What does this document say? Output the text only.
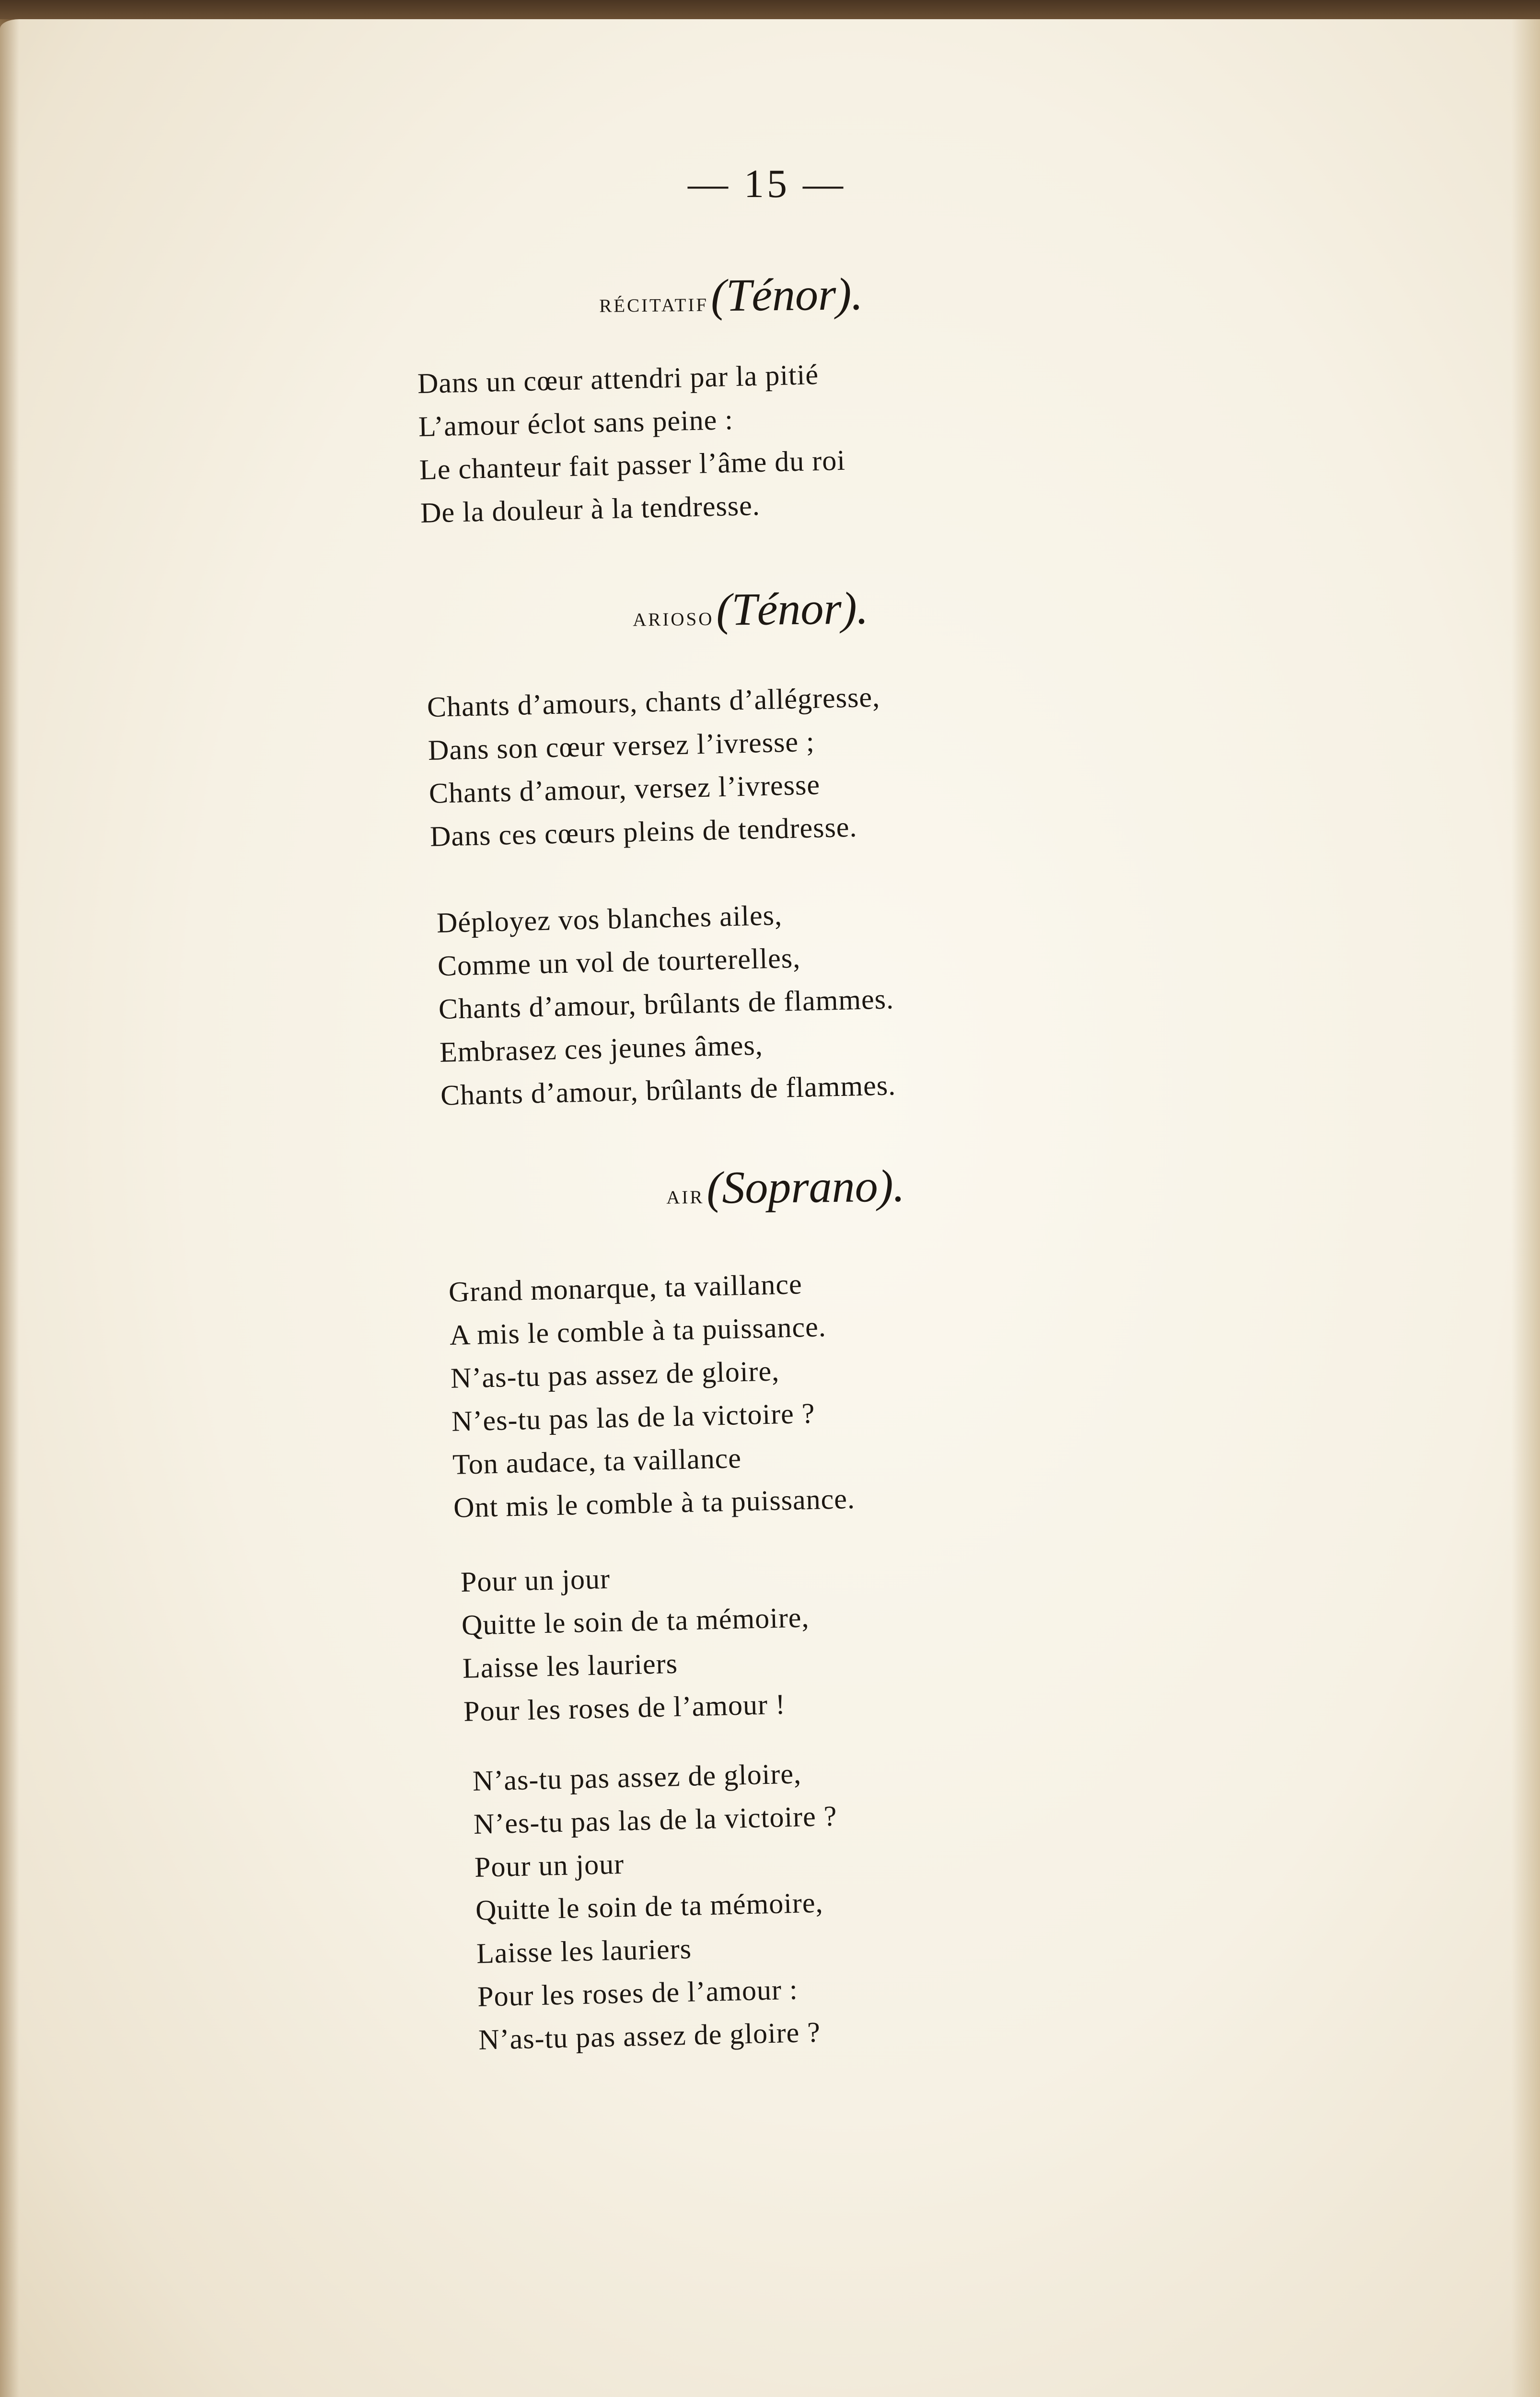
— 15 —
récitatif (Ténor).
Dans un cœur attendri par la pitié
L’amour éclot sans peine :
Le chanteur fait passer l’âme du roi
De la douleur à la tendresse.
arioso (Ténor).
Chants d’amours, chants d’allégresse,
Dans son cœur versez l’ivresse ;
Chants d’amour, versez l’ivresse
Dans ces cœurs pleins de tendresse.
Déployez vos blanches ailes,
Comme un vol de tourterelles,
Chants d’amour, brûlants de flammes.
Embrasez ces jeunes âmes,
Chants d’amour, brûlants de flammes.
air (Soprano).
Grand monarque, ta vaillance
A mis le comble à ta puissance.
N’as-tu pas assez de gloire,
N’es-tu pas las de la victoire ?
Ton audace, ta vaillance
Ont mis le comble à ta puissance.
Pour un jour
Quitte le soin de ta mémoire,
Laisse les lauriers
Pour les roses de l’amour !
N’as-tu pas assez de gloire,
N’es-tu pas las de la victoire ?
Pour un jour
Quitte le soin de ta mémoire,
Laisse les lauriers
Pour les roses de l’amour :
N’as-tu pas assez de gloire ?
